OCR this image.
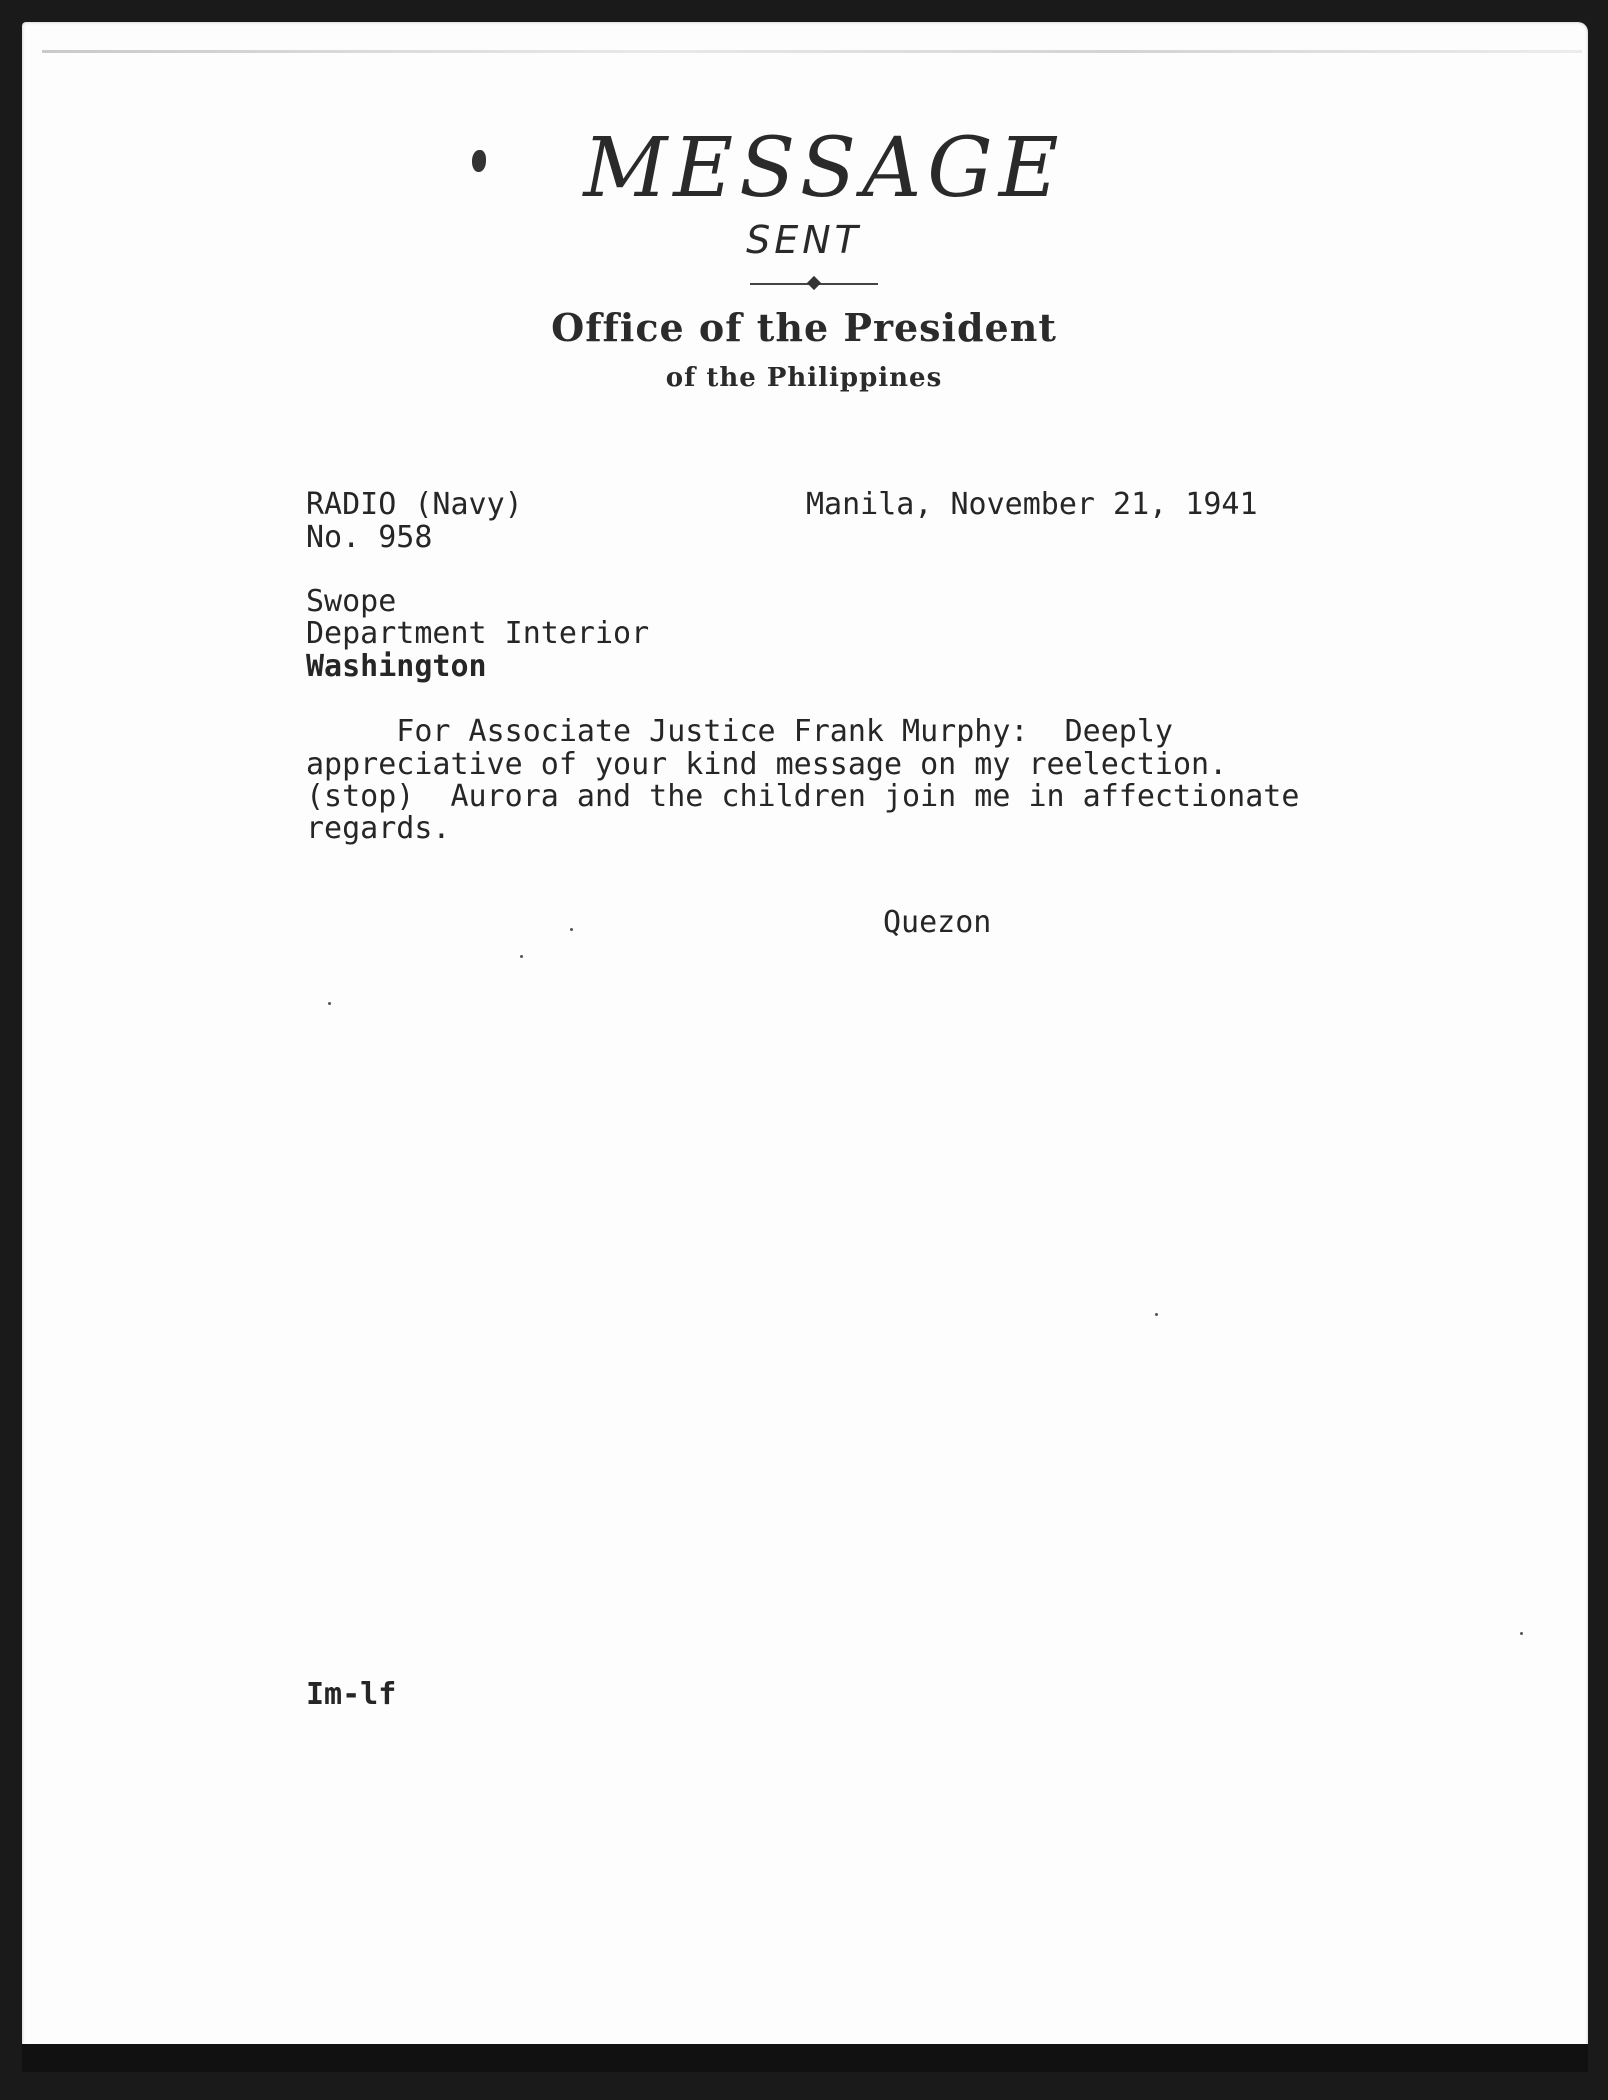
MESSAGE
SENT
Office of the President
of the Philippines
RADIO (Navy)	Manila, November 21, 1941
No. 958
Swope
Department Interior
Washington
For Associate Justice Frank Murphy:  Deeply
appreciative of your kind message on my reelection.
(stop)  Aurora and the children join me in affectionate
regards.
Quezon
Im-lf
